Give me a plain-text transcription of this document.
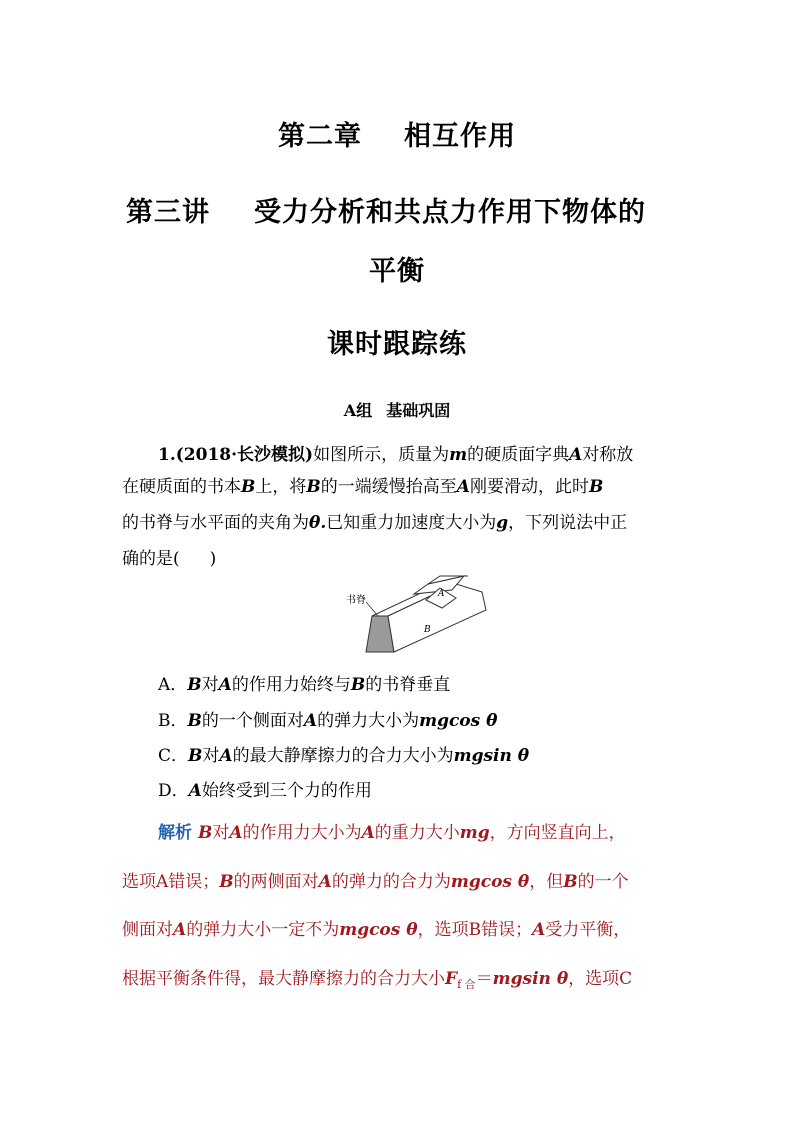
第二章 相互作用
第三讲 受力分析和共点力作用下物体的
平衡
课时跟踪练
A组 基础巩固
1.(2018·长沙模拟)如图所示，质量为m的硬质面字典A对称放
在硬质面的书本B上，将B的一端缓慢抬高至A刚要滑动，此时B
的书脊与水平面的夹角为θ.已知重力加速度大小为g，下列说法中正
确的是( )
书脊
A
B
A．B对A的作用力始终与B的书脊垂直
B．B的一个侧面对A的弹力大小为mgcos θ
C．B对A的最大静摩擦力的合力大小为mgsin θ
D．A始终受到三个力的作用
解析 B对A的作用力大小为A的重力大小mg，方向竖直向上，
选项A错误；B的两侧面对A的弹力的合力为mgcos θ，但B的一个
侧面对A的弹力大小一定不为mgcos θ，选项B错误；A受力平衡，
根据平衡条件得，最大静摩擦力的合力大小$F_{f 合}=mgsin$ θ，选项C
